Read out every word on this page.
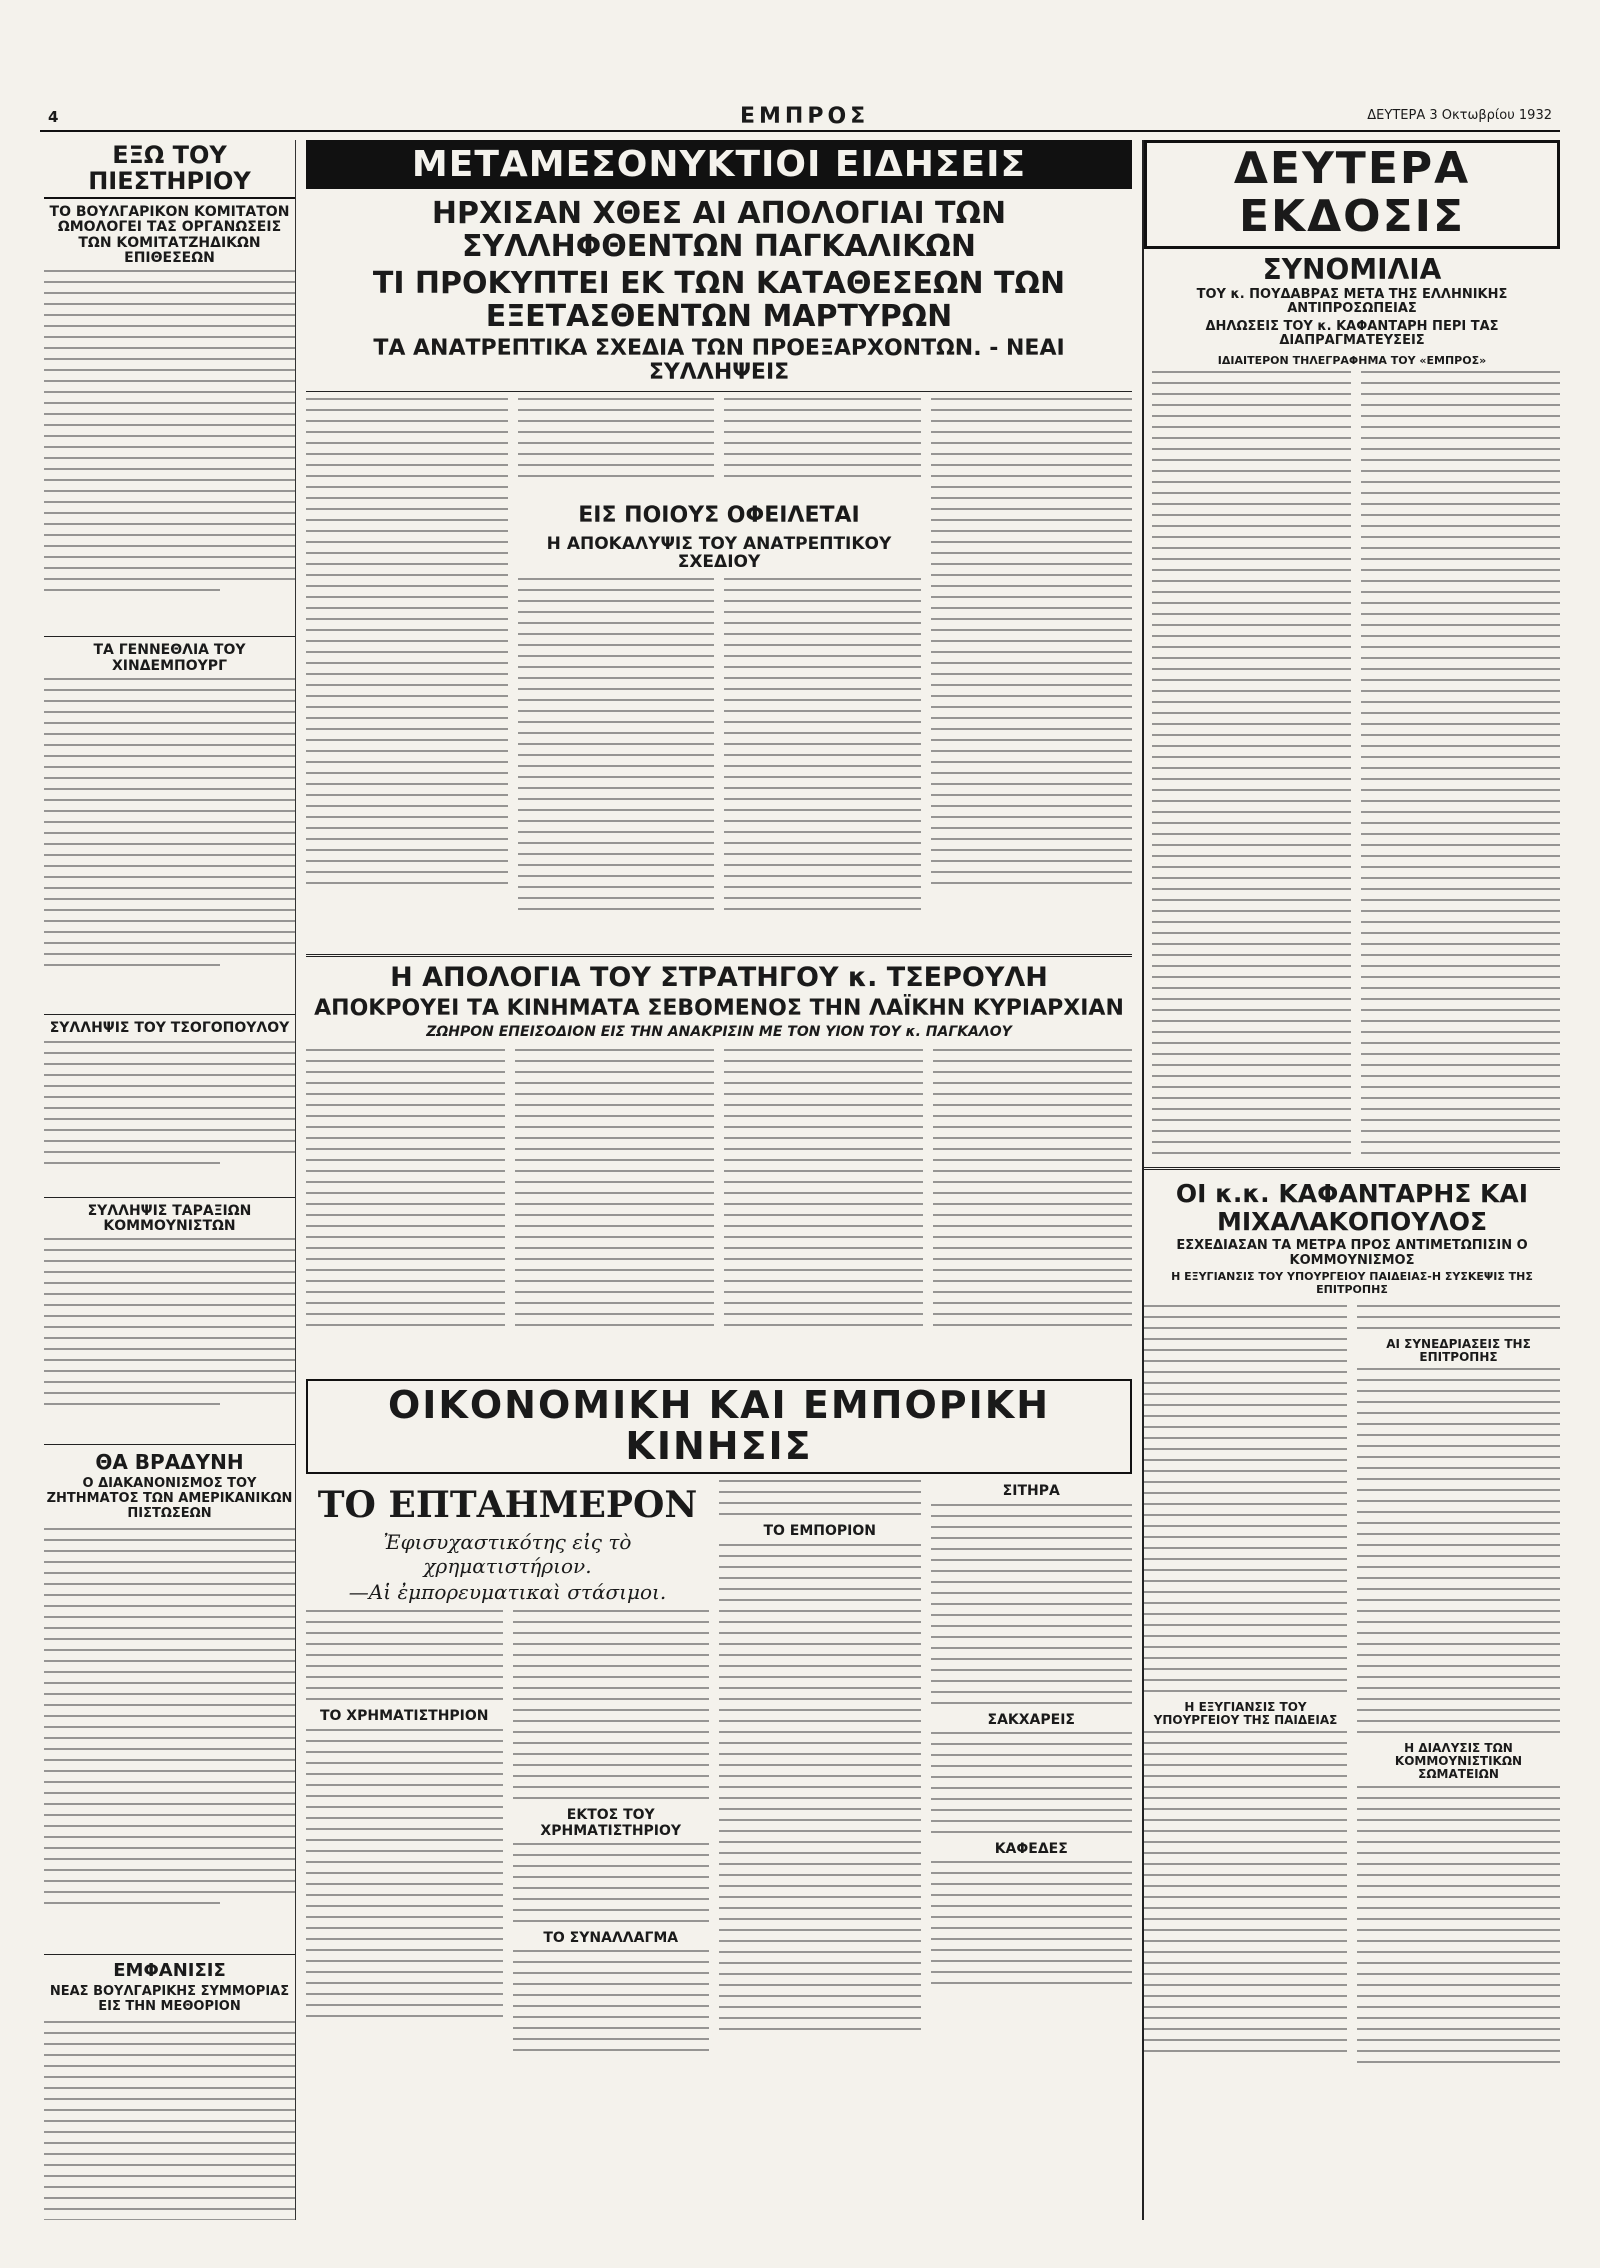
4	ΕΜΠΡΟΣ	ΔΕΥΤΕΡΑ 3 Οκτωβρίου 1932
ΕΞΩ ΤΟΥ ΠΙΕΣΤΗΡΙΟΥ
ΤΟ ΒΟΥΛΓΑΡΙΚΟΝ ΚΟΜΙΤΑΤΟΝ ΩΜΟΛΟΓΕΙ ΤΑΣ ΟΡΓΑΝΩΣΕΙΣ ΤΩΝ ΚΟΜΙΤΑΤΖΗΔΙΚΩΝ ΕΠΙΘΕΣΕΩΝ
ΤΑ ΓΕΝΝΕΘΛΙΑ ΤΟΥ ΧΙΝΔΕΜΠΟΥΡΓ
ΣΥΛΛΗΨΙΣ ΤΟΥ ΤΣΟΓΟΠΟΥΛΟΥ
ΣΥΛΛΗΨΙΣ ΤΑΡΑΞΙΩΝ ΚΟΜΜΟΥΝΙΣΤΩΝ
ΘΑ ΒΡΑΔΥΝΗ
Ο ΔΙΑΚΑΝΟΝΙΣΜΟΣ ΤΟΥ ΖΗΤΗΜΑΤΟΣ ΤΩΝ ΑΜΕΡΙΚΑΝΙΚΩΝ ΠΙΣΤΩΣΕΩΝ
ΕΜΦΑΝΙΣΙΣ
ΝΕΑΣ ΒΟΥΛΓΑΡΙΚΗΣ ΣΥΜΜΟΡΙΑΣ ΕΙΣ ΤΗΝ ΜΕΘΟΡΙΟΝ
ΜΕΤΑΜΕΣΟΝΥΚΤΙΟΙ ΕΙΔΗΣΕΙΣ
ΗΡΧΙΣΑΝ ΧΘΕΣ ΑΙ ΑΠΟΛΟΓΙΑΙ ΤΩΝ ΣΥΛΛΗΦΘΕΝΤΩΝ ΠΑΓΚΑΛΙΚΩΝ
ΤΙ ΠΡΟΚΥΠΤΕΙ ΕΚ ΤΩΝ ΚΑΤΑΘΕΣΕΩΝ ΤΩΝ ΕΞΕΤΑΣΘΕΝΤΩΝ ΜΑΡΤΥΡΩΝ
ΤΑ ΑΝΑΤΡΕΠΤΙΚΑ ΣΧΕΔΙΑ ΤΩΝ ΠΡΟΕΞΑΡΧΟΝΤΩΝ. - ΝΕΑΙ ΣΥΛΛΗΨΕΙΣ
ΕΙΣ ΠΟΙΟΥΣ ΟΦΕΙΛΕΤΑΙ
Η ΑΠΟΚΑΛΥΨΙΣ ΤΟΥ ΑΝΑΤΡΕΠΤΙΚΟΥ ΣΧΕΔΙΟΥ
Η ΑΠΟΛΟΓΙΑ ΤΟΥ ΣΤΡΑΤΗΓΟΥ κ. ΤΣΕΡΟΥΛΗ
ΑΠΟΚΡΟΥΕΙ ΤΑ ΚΙΝΗΜΑΤΑ ΣΕΒΟΜΕΝΟΣ ΤΗΝ ΛΑΪΚΗΝ ΚΥΡΙΑΡΧΙΑΝ
ΖΩΗΡΟΝ ΕΠΕΙΣΟΔΙΟΝ ΕΙΣ ΤΗΝ ΑΝΑΚΡΙΣΙΝ ΜΕ ΤΟΝ ΥΙΟΝ ΤΟΥ κ. ΠΑΓΚΑΛΟΥ
ΟΙΚΟΝΟΜΙΚΗ ΚΑΙ ΕΜΠΟΡΙΚΗ ΚΙΝΗΣΙΣ
ΤΟ ΕΠΤΑΗΜΕΡΟΝ
Ἐφισυχαστικότης εἰς τὸ χρηματιστήριον.
—Αἱ ἐμπορευματικαὶ στάσιμοι.
ΤΟ ΧΡΗΜΑΤΙΣΤΗΡΙΟΝ
ΕΚΤΟΣ ΤΟΥ ΧΡΗΜΑΤΙΣΤΗΡΙΟΥ
ΤΟ ΣΥΝΑΛΛΑΓΜΑ
ΤΟ ΕΜΠΟΡΙΟΝ
ΣΙΤΗΡΑ
ΣΑΚΧΑΡΕΙΣ
ΚΑΦΕΔΕΣ
ΔΕΥΤΕΡΑ ΕΚΔΟΣΙΣ
ΣΥΝΟΜΙΛΙΑ
ΤΟΥ κ. ΠΟΥΔΑΒΡΑΣ ΜΕΤΑ ΤΗΣ ΕΛΛΗΝΙΚΗΣ ΑΝΤΙΠΡΟΣΩΠΕΙΑΣ
ΔΗΛΩΣΕΙΣ ΤΟΥ κ. ΚΑΦΑΝΤΑΡΗ ΠΕΡΙ ΤΑΣ ΔΙΑΠΡΑΓΜΑΤΕΥΣΕΙΣ
ΙΔΙΑΙΤΕΡΟΝ ΤΗΛΕΓΡΑΦΗΜΑ ΤΟΥ «ΕΜΠΡΟΣ»
ΟΙ κ.κ. ΚΑΦΑΝΤΑΡΗΣ ΚΑΙ ΜΙΧΑΛΑΚΟΠΟΥΛΟΣ
ΕΣΧΕΔΙΑΣΑΝ ΤΑ ΜΕΤΡΑ ΠΡΟΣ ΑΝΤΙΜΕΤΩΠΙΣΙΝ Ο ΚΟΜΜΟΥΝΙΣΜΟΣ
Η ΕΞΥΓΙΑΝΣΙΣ ΤΟΥ ΥΠΟΥΡΓΕΙΟΥ ΠΑΙΔΕΙΑΣ-Η ΣΥΣΚΕΨΙΣ ΤΗΣ ΕΠΙΤΡΟΠΗΣ
Η ΕΞΥΓΙΑΝΣΙΣ ΤΟΥ ΥΠΟΥΡΓΕΙΟΥ ΤΗΣ ΠΑΙΔΕΙΑΣ
ΑΙ ΣΥΝΕΔΡΙΑΣΕΙΣ ΤΗΣ ΕΠΙΤΡΟΠΗΣ
Η ΔΙΑΛΥΣΙΣ ΤΩΝ ΚΟΜΜΟΥΝΙΣΤΙΚΩΝ ΣΩΜΑΤΕΙΩΝ
